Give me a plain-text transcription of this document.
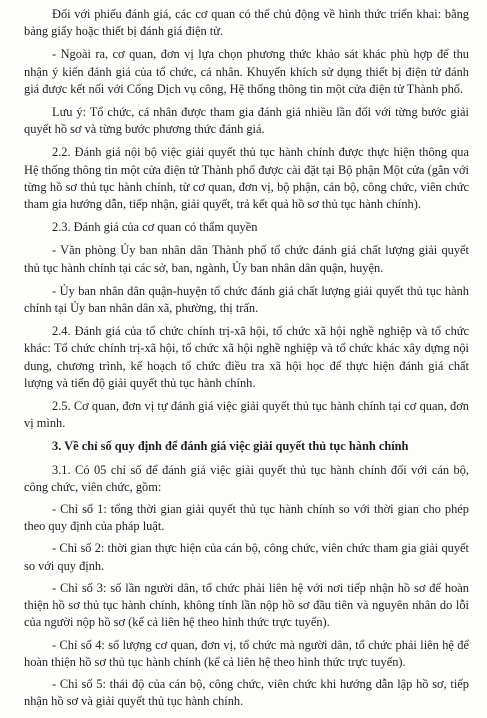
Đối với phiếu đánh giá, các cơ quan có thể chủ động về hình thức triển khai: bằng bảng giấy hoặc thiết bị đánh giá điện tử.

- Ngoài ra, cơ quan, đơn vị lựa chọn phương thức khảo sát khác phù hợp để thu nhận ý kiến đánh giá của tổ chức, cá nhân. Khuyến khích sử dụng thiết bị điện tử đánh giá được kết nối với Cổng Dịch vụ công, Hệ thống thông tin một cửa điện tử Thành phố.

Lưu ý: Tổ chức, cá nhân được tham gia đánh giá nhiều lần đối với từng bước giải quyết hồ sơ và từng bước phương thức đánh giá.

2.2. Đánh giá nội bộ việc giải quyết thủ tục hành chính được thực hiện thông qua Hệ thống thông tin một cửa điện tử Thành phố được cài đặt tại Bộ phận Một cửa (gắn với từng hồ sơ thủ tục hành chính, từ cơ quan, đơn vị, bộ phận, cán bộ, công chức, viên chức tham gia hướng dẫn, tiếp nhận, giải quyết, trả kết quả hồ sơ thủ tục hành chính).

2.3. Đánh giá của cơ quan có thẩm quyền

- Văn phòng Ủy ban nhân dân Thành phố tổ chức đánh giá chất lượng giải quyết thủ tục hành chính tại các sở, ban, ngành, Ủy ban nhân dân quận, huyện.

- Ủy ban nhân dân quận-huyện tổ chức đánh giá chất lượng giải quyết thủ tục hành chính tại Ủy ban nhân dân xã, phường, thị trấn.

2.4. Đánh giá của tổ chức chính trị-xã hội, tổ chức xã hội nghề nghiệp và tổ chức khác: Tổ chức chính trị-xã hội, tổ chức xã hội nghề nghiệp và tổ chức khác xây dựng nội dung, chương trình, kế hoạch tổ chức điều tra xã hội học để thực hiện đánh giá chất lượng và tiến độ giải quyết thủ tục hành chính.

2.5. Cơ quan, đơn vị tự đánh giá việc giải quyết thủ tục hành chính tại cơ quan, đơn vị mình.

3. Về chỉ số quy định để đánh giá việc giải quyết thủ tục hành chính

3.1. Có 05 chỉ số để đánh giá việc giải quyết thủ tục hành chính đối với cán bộ, công chức, viên chức, gồm:

- Chỉ số 1: tổng thời gian giải quyết thủ tục hành chính so với thời gian cho phép theo quy định của pháp luật.

- Chỉ số 2: thời gian thực hiện của cán bộ, công chức, viên chức tham gia giải quyết so với quy định.

- Chỉ số 3: số lần người dân, tổ chức phải liên hệ với nơi tiếp nhận hồ sơ để hoàn thiện hồ sơ thủ tục hành chính, không tính lần nộp hồ sơ đầu tiên và nguyên nhân do lỗi của người nộp hồ sơ (kể cả liên hệ theo hình thức trực tuyến).

- Chỉ số 4: số lượng cơ quan, đơn vị, tổ chức mà người dân, tổ chức phải liên hệ để hoàn thiện hồ sơ thủ tục hành chính (kể cả liên hệ theo hình thức trực tuyến).

- Chỉ số 5: thái độ của cán bộ, công chức, viên chức khi hướng dẫn lập hồ sơ, tiếp nhận hồ sơ và giải quyết thủ tục hành chính.
